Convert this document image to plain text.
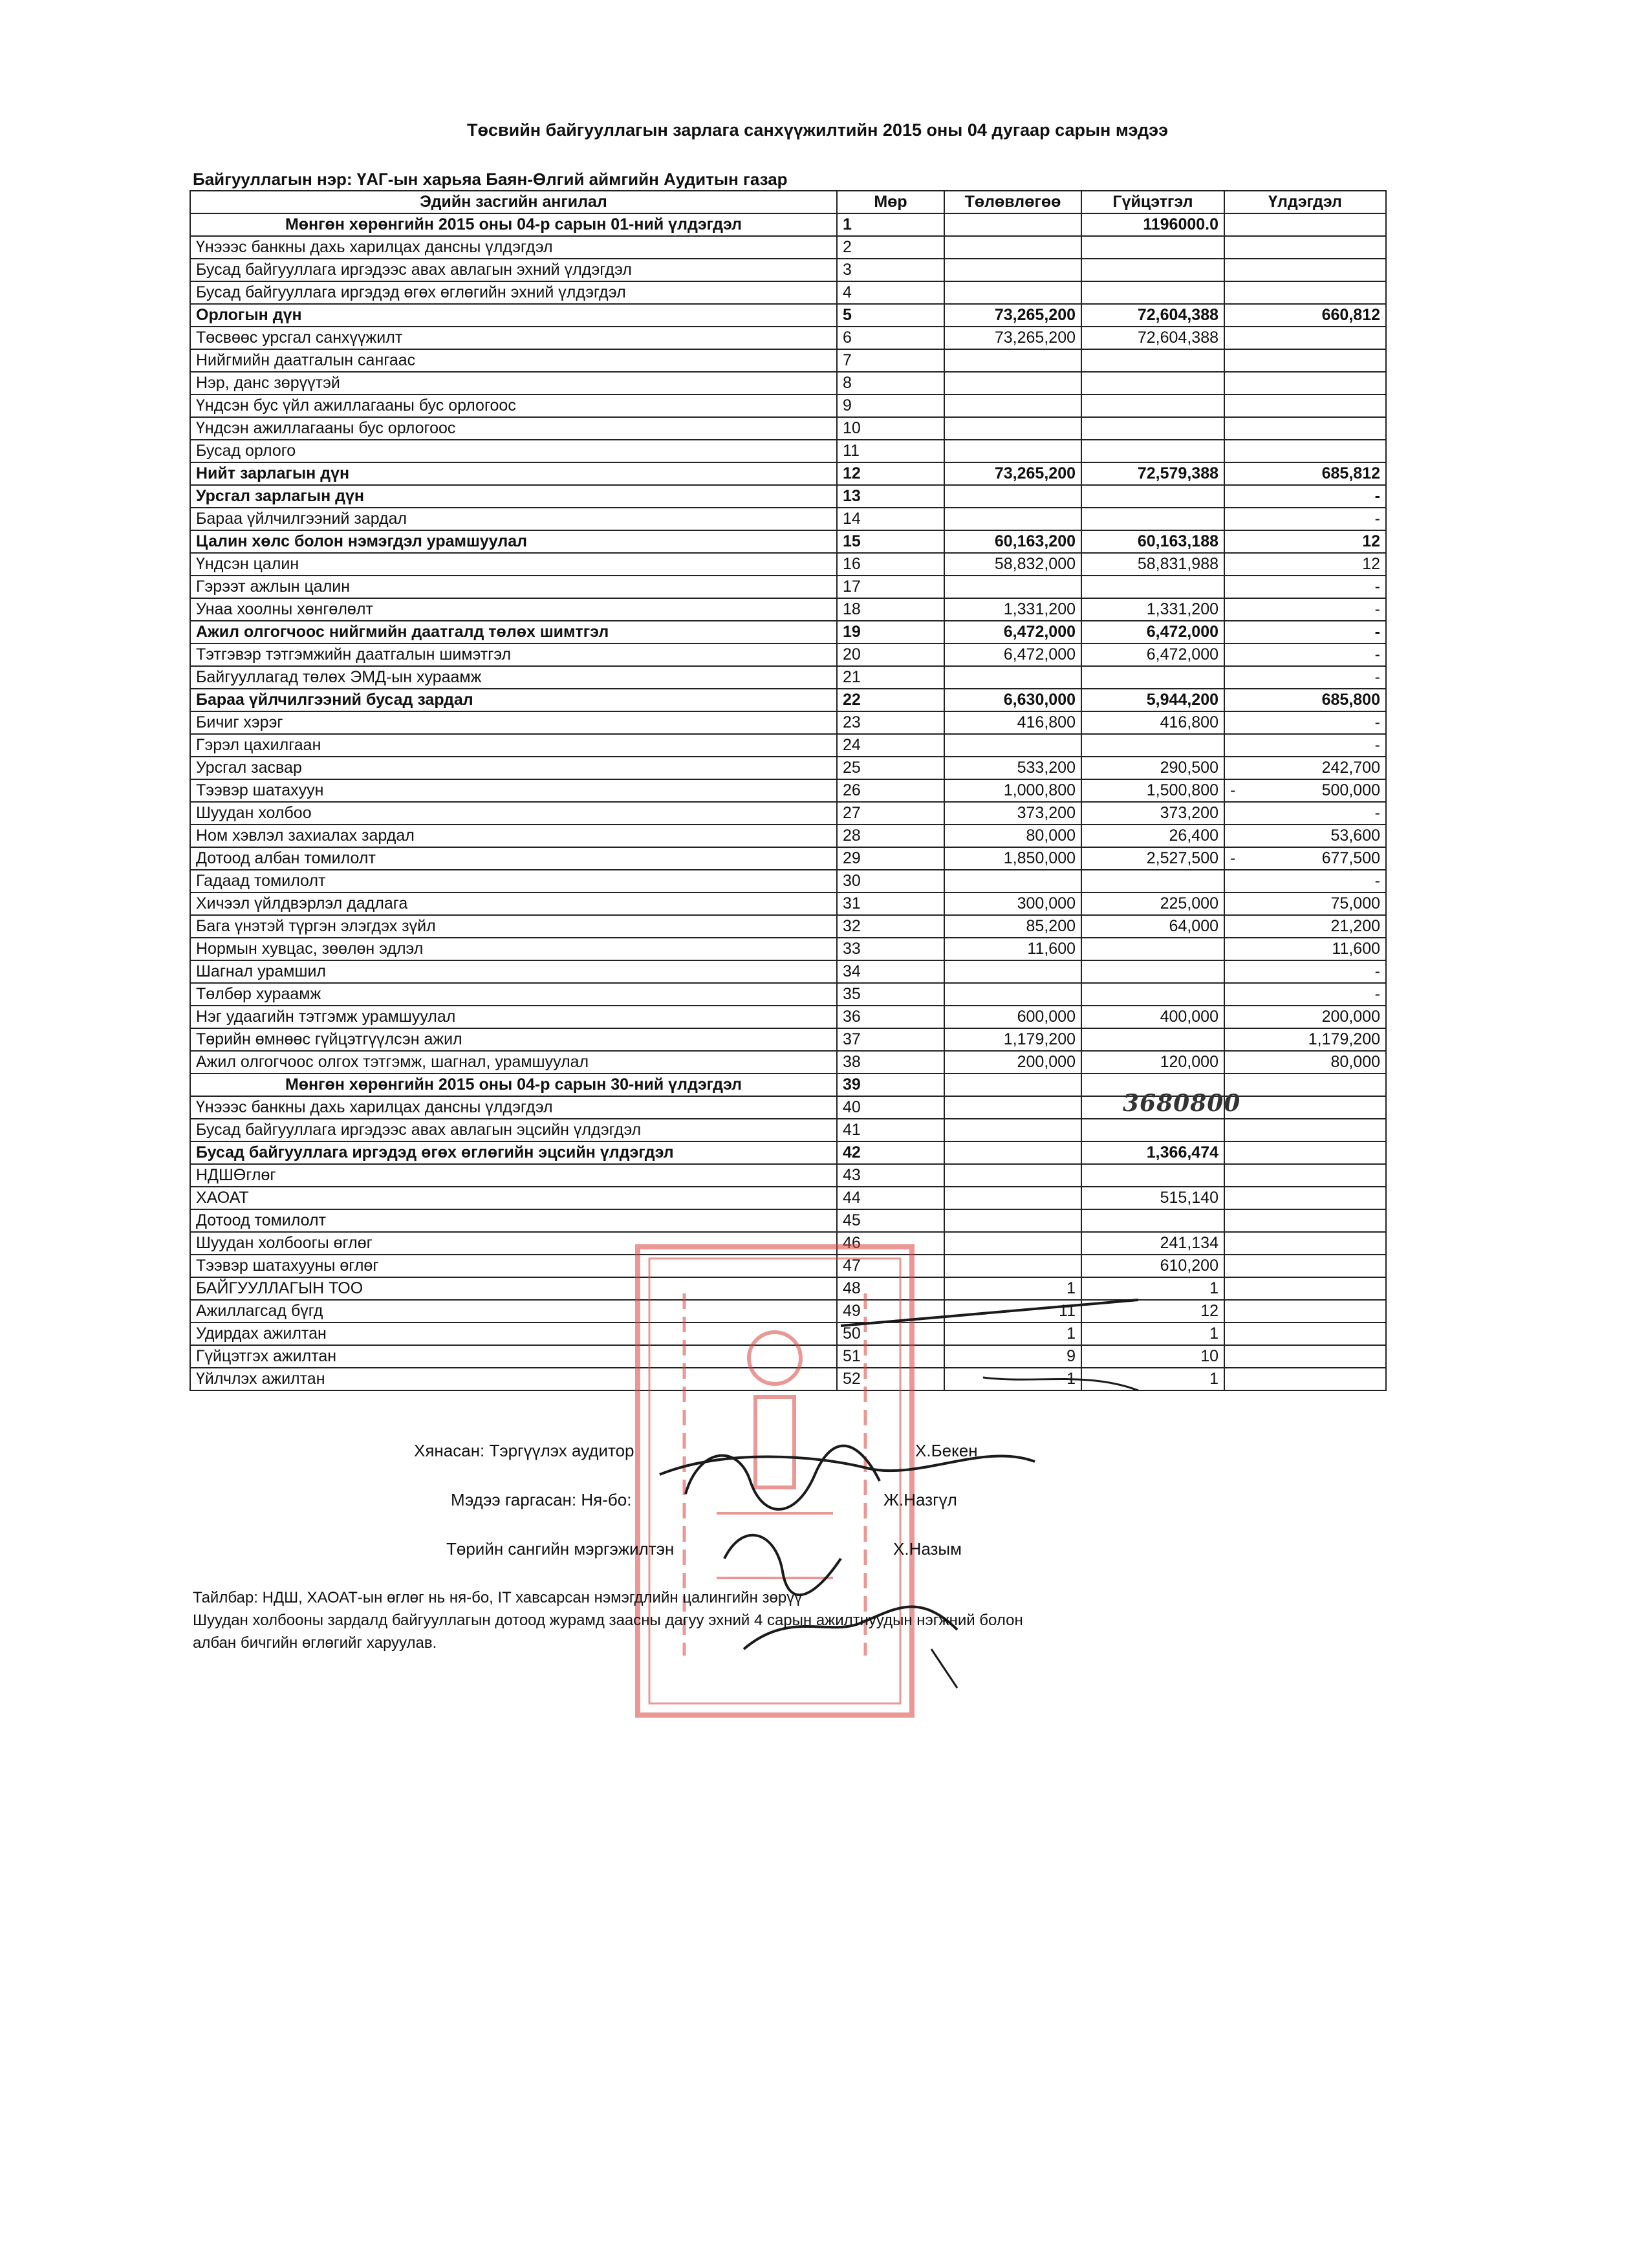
Төсвийн байгууллагын зарлага санхүүжилтийн 2015 оны 04 дугаар сарын мэдээ
Байгууллагын нэр: ҮАГ-ын харьяа Баян-Өлгий аймгийн Аудитын газар
Эдийн засгийн ангилал	Мөр	Төлөвлөгөө	Гүйцэтгэл	Үлдэгдэл
Мөнгөн хөрөнгийн 2015 оны 04-р сарын 01-ний үлдэгдэл	1		1196000.0	
Үнэээс банкны дахь харилцах дансны үлдэгдэл	2			
Бусад байгууллага иргэдээс авах авлагын эхний үлдэгдэл	3			
Бусад байгууллага иргэдэд өгөх өглөгийн эхний үлдэгдэл	4			
Орлогын дүн	5	73,265,200	72,604,388	660,812
Төсвөөс урсгал санхүүжилт	6	73,265,200	72,604,388	
Нийгмийн даатгалын сангаас	7			
Нэр, данс зөрүүтэй	8			
Үндсэн бус үйл ажиллагааны бус орлогоос	9			
Үндсэн ажиллагааны бус орлогоос	10			
Бусад орлого	11			
Нийт зарлагын дүн	12	73,265,200	72,579,388	685,812
Урсгал зарлагын дүн	13			-
Бараа үйлчилгээний зардал	14			-
Цалин хөлс болон нэмэгдэл урамшуулал	15	60,163,200	60,163,188	12
Үндсэн цалин	16	58,832,000	58,831,988	12
Гэрээт ажлын цалин	17			-
Унаа хоолны хөнгөлөлт	18	1,331,200	1,331,200	-
Ажил олгогчоос нийгмийн даатгалд төлөх шимтгэл	19	6,472,000	6,472,000	-
Тэтгэвэр тэтгэмжийн даатгалын шимэтгэл	20	6,472,000	6,472,000	-
Байгууллагад төлөх ЭМД-ын хураамж	21			-
Бараа үйлчилгээний бусад зардал	22	6,630,000	5,944,200	685,800
Бичиг хэрэг	23	416,800	416,800	-
Гэрэл цахилгаан	24			-
Урсгал засвар	25	533,200	290,500	242,700
Тээвэр шатахуун	26	1,000,800	1,500,800	- 500,000
Шуудан холбоо	27	373,200	373,200	-
Ном хэвлэл захиалах зардал	28	80,000	26,400	53,600
Дотоод албан томилолт	29	1,850,000	2,527,500	- 677,500
Гадаад томилолт	30			-
Хичээл үйлдвэрлэл дадлага	31	300,000	225,000	75,000
Бага үнэтэй түргэн элэгдэх зүйл	32	85,200	64,000	21,200
Нормын хувцас, зөөлөн эдлэл	33	11,600		11,600
Шагнал урамшил	34			-
Төлбөр хураамж	35			-
Нэг удаагийн тэтгэмж урамшуулал	36	600,000	400,000	200,000
Төрийн өмнөөс гүйцэтгүүлсэн ажил	37	1,179,200		1,179,200
Ажил олгогчоос олгох тэтгэмж, шагнал, урамшуулал	38	200,000	120,000	80,000
Мөнгөн хөрөнгийн 2015 оны 04-р сарын 30-ний үлдэгдэл	39			
Үнэээс банкны дахь харилцах дансны үлдэгдэл	40			
Бусад байгууллага иргэдээс авах авлагын эцсийн үлдэгдэл	41			
Бусад байгууллага иргэдэд өгөх өглөгийн эцсийн үлдэгдэл	42		1,366,474	
НДШӨглөг	43			
ХАОАТ	44		515,140	
Дотоод томилолт	45			
Шуудан холбоогы өглөг	46		241,134	
Тээвэр шатахууны өглөг	47		610,200	
БАЙГУУЛЛАГЫН ТОО	48	1	1	
Ажиллагсад бүгд	49	11	12	
Удирдах ажилтан	50	1	1	
Гүйцэтгэх ажилтан	51	9	10	
Үйлчлэх ажилтан	52	1	1	
3680800
Хянасан: Тэргүүлэх аудитор	Х.Бекен
Мэдээ гаргасан: Ня-бо:	Ж.Назгүл
Төрийн сангийн мэргэжилтэн	Х.Назым
Тайлбар: НДШ, ХАОАТ-ын өглөг нь ня-бо, IT хавсарсан нэмэгдлийн цалингийн зөрүү
Шуудан холбооны зардалд байгууллагын дотоод журамд заасны дагуу эхний 4 сарын ажилтнуудын нэгжний болон
албан бичгийн өглөгийг харуулав.
